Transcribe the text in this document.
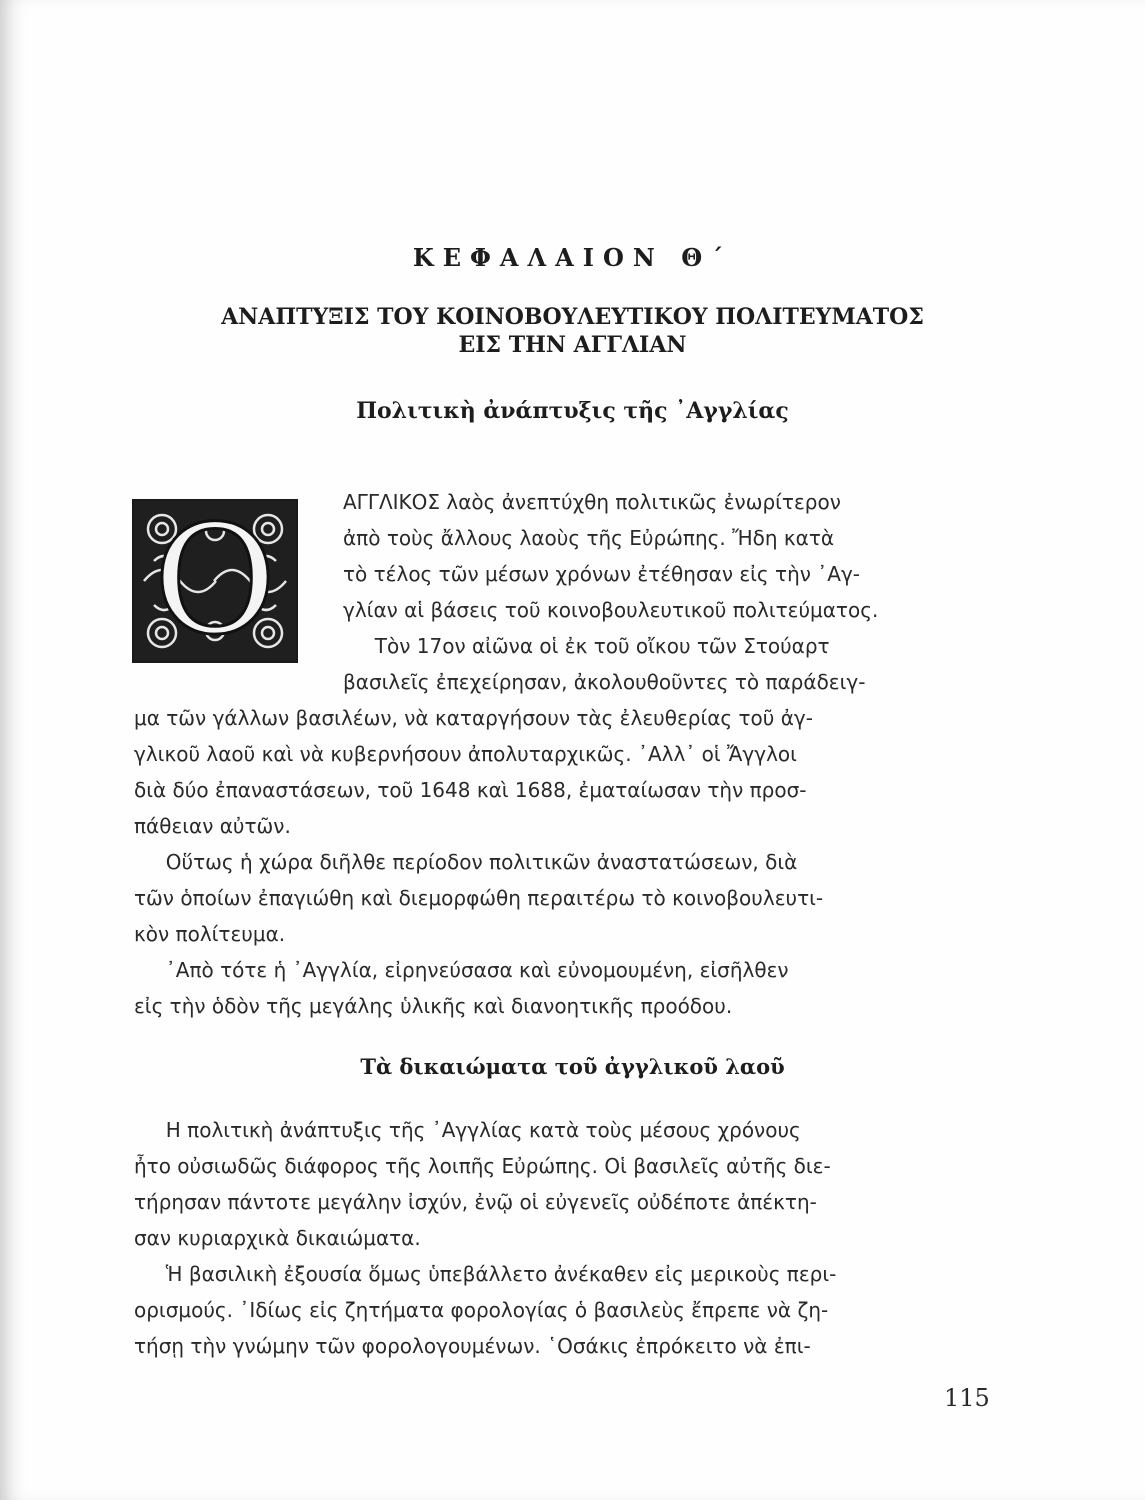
ΚΕΦΑΛΑΙΟΝ Θ΄
ΑΝΑΠΤΥΞΙΣ ΤΟΥ ΚΟΙΝΟΒΟΥΛΕΥΤΙΚΟΥ ΠΟΛΙΤΕΥΜΑΤΟΣ
ΕΙΣ ΤΗΝ ΑΓΓΛΙΑΝ
Πολιτικὴ ἀνάπτυξις τῆς ᾿Αγγλίας
Ο	ΑΓΓΛΙΚΟΣ λαὸς ἀνεπτύχθη πολιτικῶς ἐνωρίτερον

ἀπὸ τοὺς ἄλλους λαοὺς τῆς Εὐρώπης. Ἤδη κατὰ

τὸ τέλος τῶν μέσων χρόνων ἐτέθησαν εἰς τὴν ᾿Αγ-

γλίαν αἱ βάσεις τοῦ κοινοβουλευτικοῦ πολιτεύματος.

Τὸν 17ον αἰῶνα οἱ ἐκ τοῦ οἴκου τῶν Στούαρτ

βασιλεῖς ἐπεχείρησαν, ἀκολουθοῦντες τὸ παράδειγ-

μα τῶν γάλλων βασιλέων, νὰ καταργήσουν τὰς ἐλευθερίας τοῦ ἀγ-

γλικοῦ λαοῦ καὶ νὰ κυβερνήσουν ἀπολυταρχικῶς. ᾿Αλλ᾿ οἱ Ἄγγλοι

διὰ δύο ἐπαναστάσεων, τοῦ 1648 καὶ 1688, ἐματαίωσαν τὴν προσ-

πάθειαν αὐτῶν.

Οὕτως ἡ χώρα διῆλθε περίοδον πολιτικῶν ἀναστατώσεων, διὰ

τῶν ὁποίων ἐπαγιώθη καὶ διεμορφώθη περαιτέρω τὸ κοινοβουλευτι-

κὸν πολίτευμα.

᾿Απὸ τότε ἡ ᾿Αγγλία, εἰρηνεύσασα καὶ εὐνομουμένη, εἰσῆλθεν

εἰς τὴν ὁδὸν τῆς μεγάλης ὑλικῆς καὶ διανοητικῆς προόδου.

Τὰ δικαιώματα τοῦ ἀγγλικοῦ λαοῦ

Η πολιτικὴ ἀνάπτυξις τῆς ᾿Αγγλίας κατὰ τοὺς μέσους χρόνους

ἦτο οὐσιωδῶς διάφορος τῆς λοιπῆς Εὐρώπης. Οἱ βασιλεῖς αὐτῆς διε-

τήρησαν πάντοτε μεγάλην ἰσχύν, ἐνῷ οἱ εὐγενεῖς οὐδέποτε ἀπέκτη-

σαν κυριαρχικὰ δικαιώματα.

Ἡ βασιλικὴ ἐξουσία ὅμως ὑπεβάλλετο ἀνέκαθεν εἰς μερικοὺς περι-

ορισμούς. ᾿Ιδίως εἰς ζητήματα φορολογίας ὁ βασιλεὺς ἔπρεπε νὰ ζη-

τήσῃ τὴν γνώμην τῶν φορολογουμένων. ῾Οσάκις ἐπρόκειτο νὰ ἐπι-

115
